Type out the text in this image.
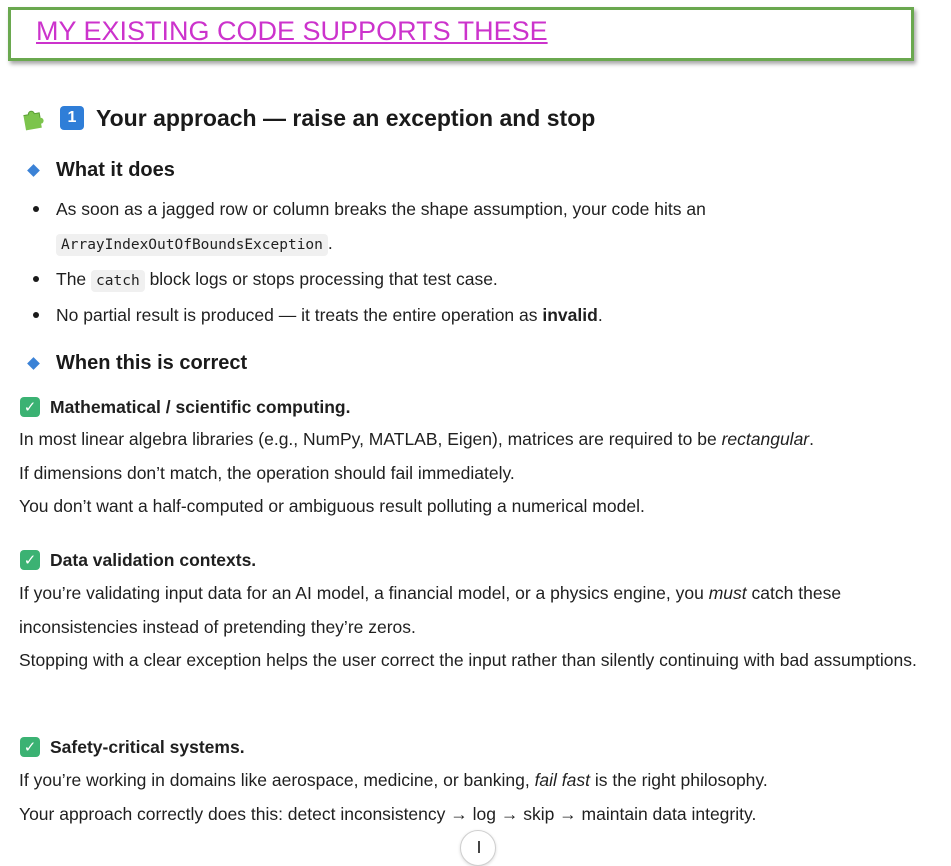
MY EXISTING CODE SUPPORTS THESE
1 Your approach — raise an exception and stop
What it does
As soon as a jagged row or column breaks the shape assumption, your code hits an
ArrayIndexOutOfBoundsException .
The catch block logs or stops processing that test case.
No partial result is produced — it treats the entire operation as invalid.
When this is correct
✓ Mathematical / scientific computing.

In most linear algebra libraries (e.g., NumPy, MATLAB, Eigen), matrices are required to be rectangular.

If dimensions don’t match, the operation should fail immediately.

You don’t want a half-computed or ambiguous result polluting a numerical model.

✓ Data validation contexts.

If you’re validating input data for an AI model, a financial model, or a physics engine, you must catch these inconsistencies instead of pretending they’re zeros.

Stopping with a clear exception helps the user correct the input rather than silently continuing with bad assumptions.

✓ Safety-critical systems.

If you’re working in domains like aerospace, medicine, or banking, fail fast is the right philosophy.

Your approach correctly does this: detect inconsistency → log → skip → maintain data integrity.
